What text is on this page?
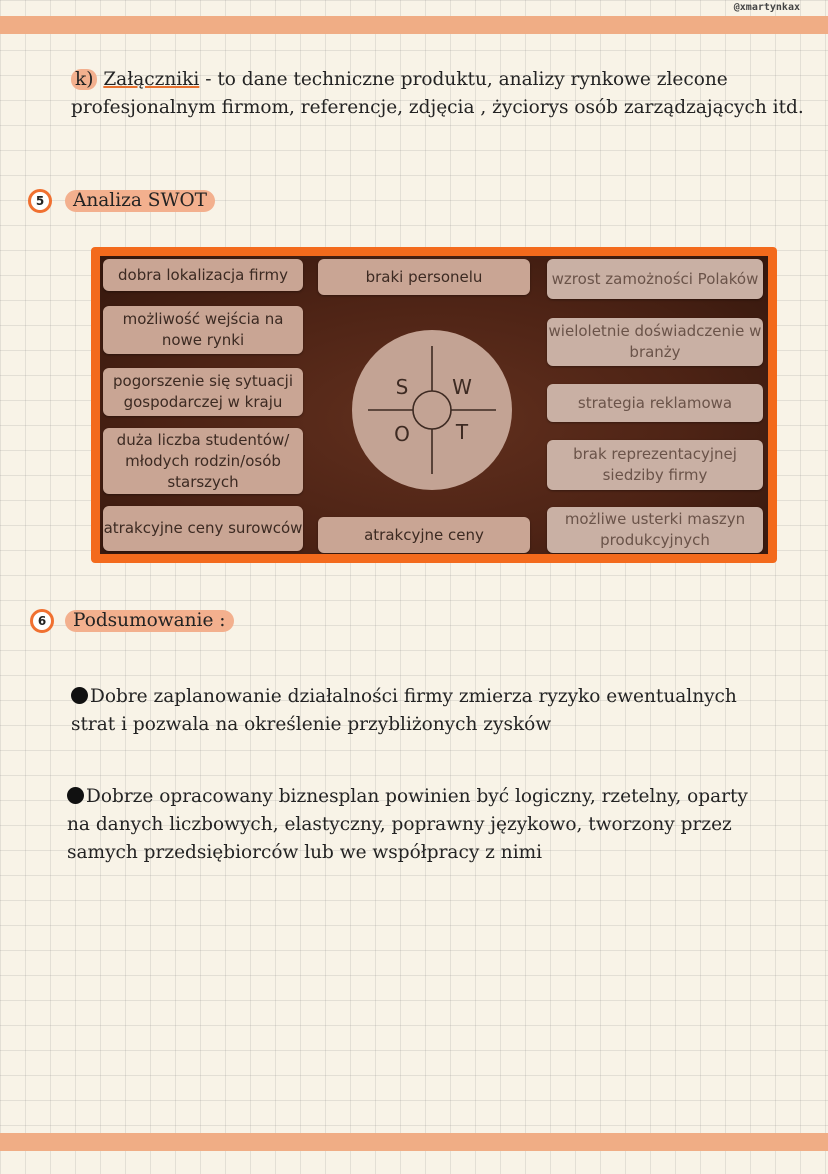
@xmartynkax
k) Załączniki - to dane techniczne produktu, analizy rynkowe zlecone profesjonalnym firmom, referencje, zdjęcia , życiorys osób zarządzających itd.
5	Analiza SWOT
dobra lokalizacja firmy
możliwość wejścia na nowe rynki
pogorszenie się sytuacji gospodarczej w kraju
duża liczba studentów/ młodych rodzin/osób starszych
atrakcyjne ceny surowców
braki personelu
atrakcyjne ceny
S W
O T
wzrost zamożności Polaków
wieloletnie doświadczenie w branży
strategia reklamowa
brak reprezentacyjnej siedziby firmy
możliwe usterki maszyn produkcyjnych
6	Podsumowanie :
Dobre zaplanowanie działalności firmy zmierza ryzyko ewentualnych strat i pozwala na określenie przybliżonych zysków
Dobrze opracowany biznesplan powinien być logiczny, rzetelny, oparty na danych liczbowych, elastyczny, poprawny językowo, tworzony przez samych przedsiębiorców lub we współpracy z nimi
